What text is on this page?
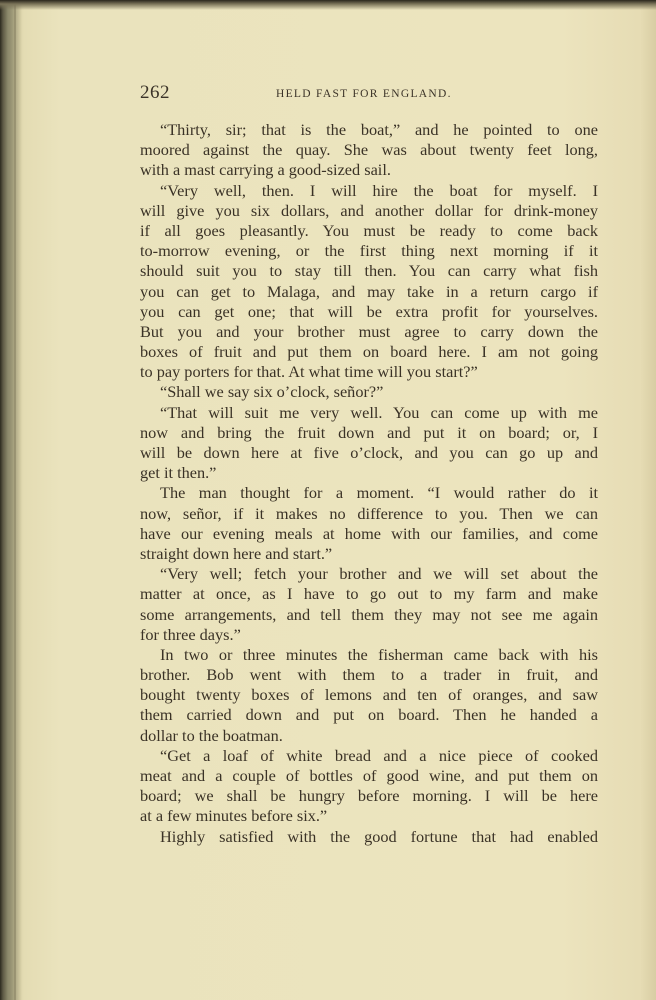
262	HELD FAST FOR ENGLAND.
“Thirty, sir; that is the boat,” and he pointed to one
moored against the quay. She was about twenty feet long,
with a mast carrying a good-sized sail.
“Very well, then. I will hire the boat for myself. I
will give you six dollars, and another dollar for drink-money
if all goes pleasantly. You must be ready to come back
to-morrow evening, or the first thing next morning if it
should suit you to stay till then. You can carry what fish
you can get to Malaga, and may take in a return cargo if
you can get one; that will be extra profit for yourselves.
But you and your brother must agree to carry down the
boxes of fruit and put them on board here. I am not going
to pay porters for that. At what time will you start?”
“Shall we say six o’clock, señor?”
“That will suit me very well. You can come up with me
now and bring the fruit down and put it on board; or, I
will be down here at five o’clock, and you can go up and
get it then.”
The man thought for a moment. “I would rather do it
now, señor, if it makes no difference to you. Then we can
have our evening meals at home with our families, and come
straight down here and start.”
“Very well; fetch your brother and we will set about the
matter at once, as I have to go out to my farm and make
some arrangements, and tell them they may not see me again
for three days.”
In two or three minutes the fisherman came back with his
brother. Bob went with them to a trader in fruit, and
bought twenty boxes of lemons and ten of oranges, and saw
them carried down and put on board. Then he handed a
dollar to the boatman.
“Get a loaf of white bread and a nice piece of cooked
meat and a couple of bottles of good wine, and put them on
board; we shall be hungry before morning. I will be here
at a few minutes before six.”
Highly satisfied with the good fortune that had enabled
